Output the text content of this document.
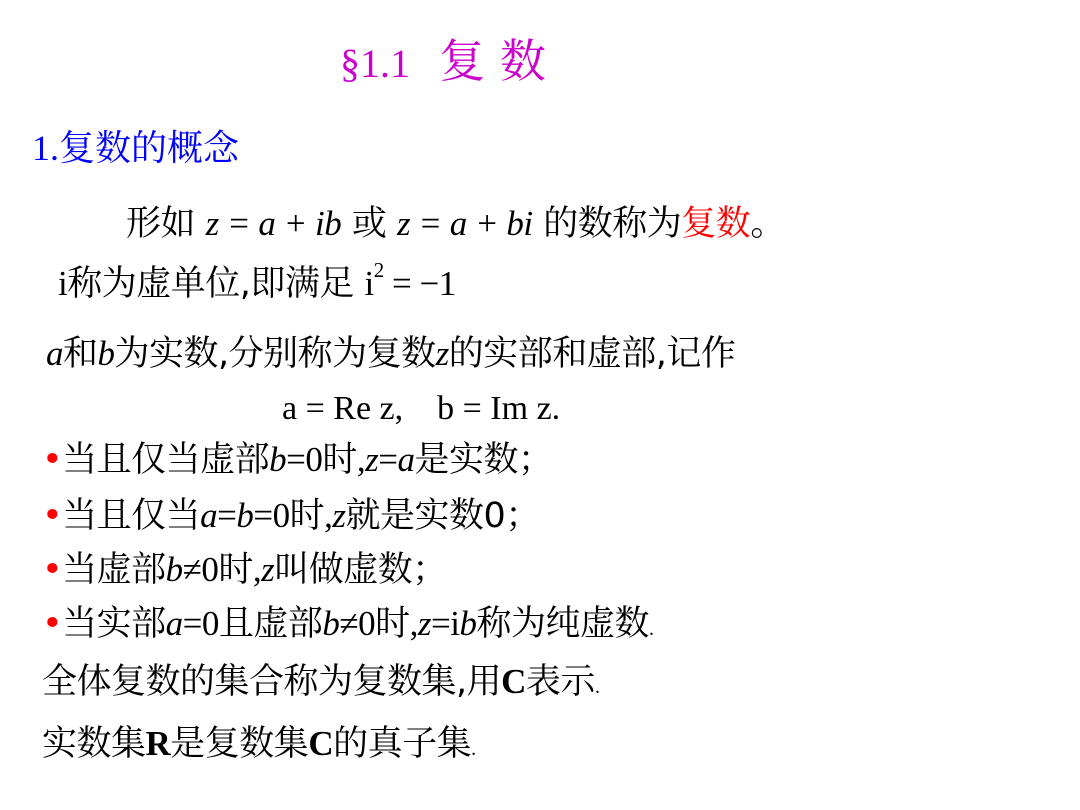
§1.1 复 数
1.复数的概念
形如 z = a + ib 或 z = a + bi 的数称为复数。
i称为虚单位,即满足 $i^2 = -1$
a和b为实数,分别称为复数z的实部和虚部,记作
a = Re z,    b = Im z.
•当且仅当虚部b=0时,z=a是实数；
•当且仅当a=b=0时,z就是实数0；
•当虚部b≠0时,z叫做虚数；
•当实部a=0且虚部b≠0时,z=ib称为纯虚数.
全体复数的集合称为复数集,用C表示.
实数集R是复数集C的真子集.
